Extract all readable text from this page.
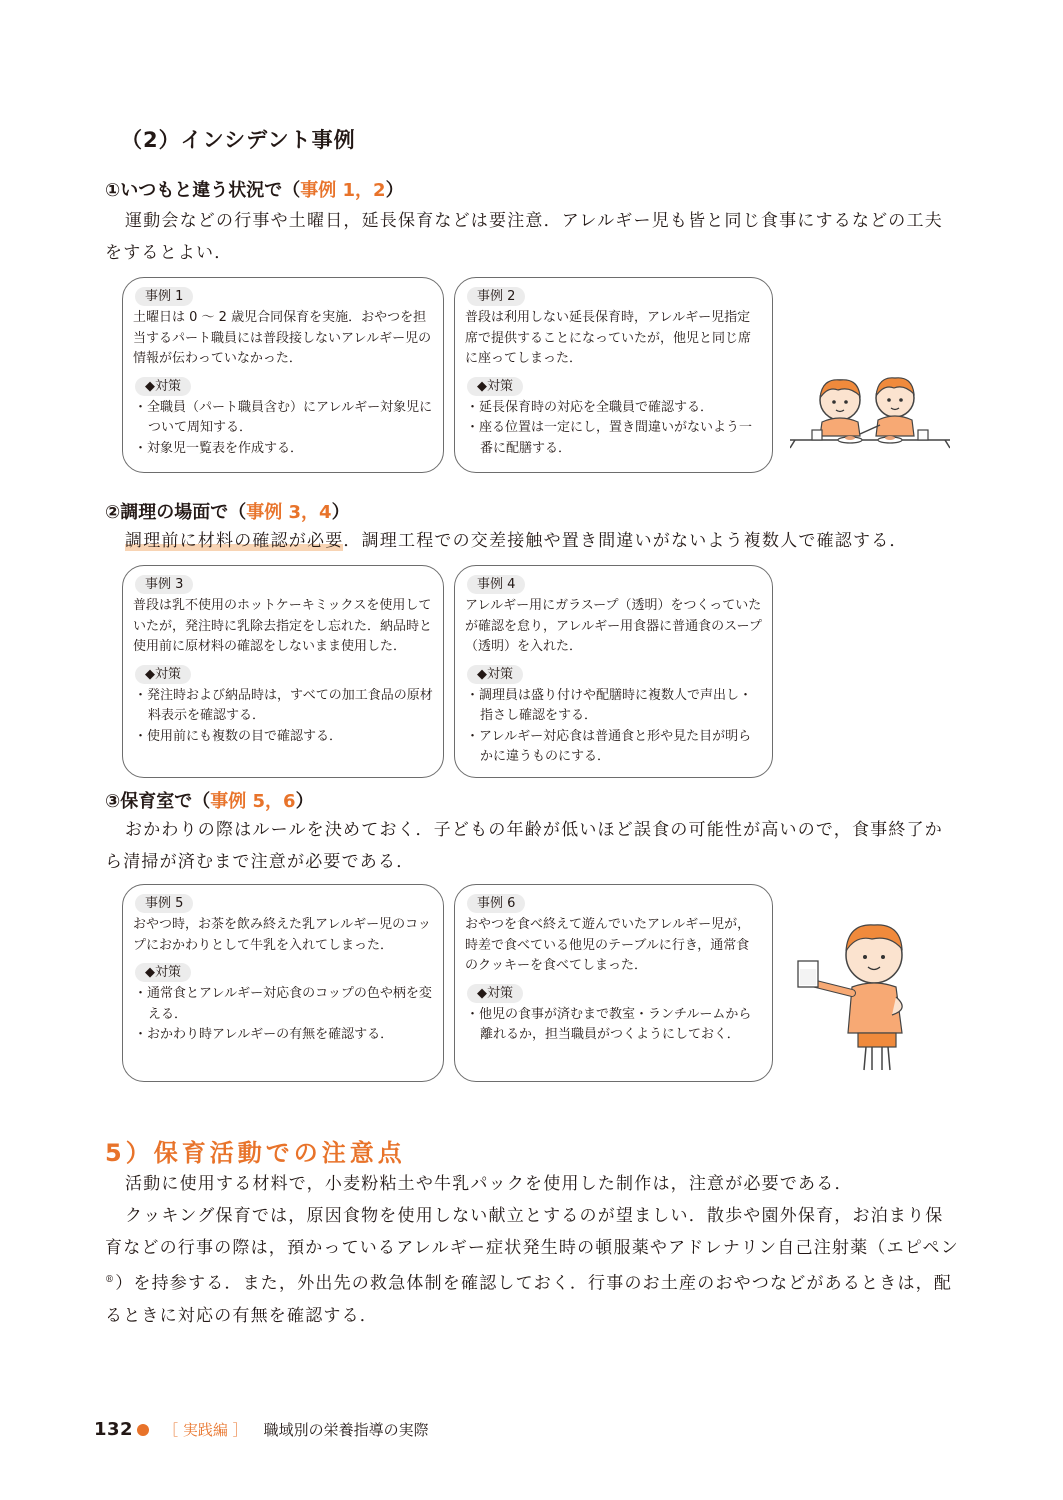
（2）インシデント事例
①いつもと違う状況で（事例 1，2）

運動会などの行事や土曜日，延長保育などは要注意．アレルギー児も皆と同じ食事にするなどの工夫をするとよい．

事例 1

土曜日は 0 ～ 2 歳児合同保育を実施．おやつを担当するパート職員には普段接しないアレルギー児の情報が伝わっていなかった．

◆対策
・ 全職員（パート職員含む）にアレルギー対象児について周知する．
・ 対象児一覧表を作成する．
事例 2

普段は利用しない延長保育時，アレルギー児指定席で提供することになっていたが，他児と同じ席に座ってしまった．

◆対策
・ 延長保育時の対応を全職員で確認する．
・ 座る位置は一定にし，置き間違いがないよう一番に配膳する．
②調理の場面で（事例 3，4）

調理前に材料の確認が必要．調理工程での交差接触や置き間違いがないよう複数人で確認する．

事例 3

普段は乳不使用のホットケーキミックスを使用していたが，発注時に乳除去指定をし忘れた．納品時と使用前に原材料の確認をしないまま使用した．

◆対策
・ 発注時および納品時は，すべての加工食品の原材料表示を確認する．
・ 使用前にも複数の目で確認する．
事例 4

アレルギー用にガラスープ（透明）をつくっていたが確認を怠り，アレルギー用食器に普通食のスープ（透明）を入れた．

◆対策
・ 調理員は盛り付けや配膳時に複数人で声出し・指さし確認をする．
・ アレルギー対応食は普通食と形や見た目が明らかに違うものにする．
③保育室で（事例 5，6）

おかわりの際はルールを決めておく．子どもの年齢が低いほど誤食の可能性が高いので，食事終了から清掃が済むまで注意が必要である．

事例 5

おやつ時，お茶を飲み終えた乳アレルギー児のコップにおかわりとして牛乳を入れてしまった．

◆対策
・ 通常食とアレルギー対応食のコップの色や柄を変える．
・ おかわり時アレルギーの有無を確認する．
事例 6

おやつを食べ終えて遊んでいたアレルギー児が，時差で食べている他児のテーブルに行き，通常食のクッキーを食べてしまった．

◆対策
・ 他児の食事が済むまで教室・ランチルームから離れるか，担当職員がつくようにしておく．
5）保育活動での注意点

活動に使用する材料で，小麦粉粘土や牛乳パックを使用した制作は，注意が必要である．

クッキング保育では，原因食物を使用しない献立とするのが望ましい．散歩や園外保育，お泊まり保育などの行事の際は，預かっているアレルギー症状発生時の頓服薬やアドレナリン自己注射薬（エピペン®）を持参する．また，外出先の救急体制を確認しておく．行事のお土産のおやつなどがあるときは，配るときに対応の有無を確認する．

132 ［ 実践編 ］ 職域別の栄養指導の実際
